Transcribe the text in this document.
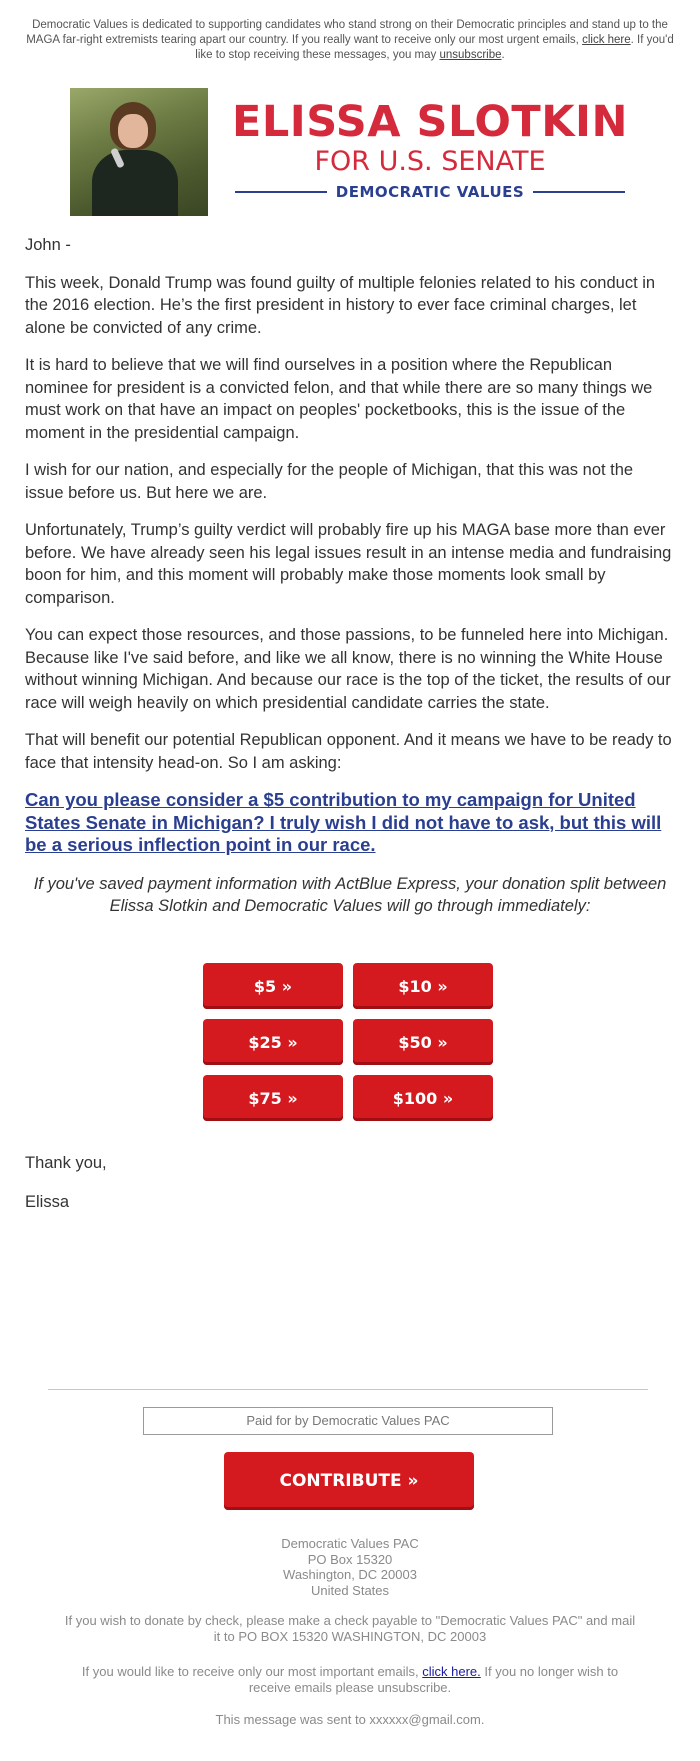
Democratic Values is dedicated to supporting candidates who stand strong on their Democratic principles and stand up to the MAGA far-right extremists tearing apart our country. If you really want to receive only our most urgent emails, click here. If you'd like to stop receiving these messages, you may unsubscribe.
ELISSA SLOTKIN
FOR U.S. SENATE
DEMOCRATIC VALUES

John -

This week, Donald Trump was found guilty of multiple felonies related to his conduct in the 2016 election. He’s the first president in history to ever face criminal charges, let alone be convicted of any crime.

It is hard to believe that we will find ourselves in a position where the Republican nominee for president is a convicted felon, and that while there are so many things we must work on that have an impact on peoples' pocketbooks, this is the issue of the moment in the presidential campaign.

I wish for our nation, and especially for the people of Michigan, that this was not the issue before us. But here we are.

Unfortunately, Trump’s guilty verdict will probably fire up his MAGA base more than ever before. We have already seen his legal issues result in an intense media and fundraising boon for him, and this moment will probably make those moments look small by comparison.

You can expect those resources, and those passions, to be funneled here into Michigan. Because like I've said before, and like we all know, there is no winning the White House without winning Michigan. And because our race is the top of the ticket, the results of our race will weigh heavily on which presidential candidate carries the state.

That will benefit our potential Republican opponent. And it means we have to be ready to face that intensity head-on. So I am asking:

Can you please consider a $5 contribution to my campaign for United States Senate in Michigan? I truly wish I did not have to ask, but this will be a serious inflection point in our race.

If you've saved payment information with ActBlue Express, your donation split between Elissa Slotkin and Democratic Values will go through immediately:

$5 »	$10 »
$25 »	$50 »
$75 »	$100 »

Thank you,

Elissa

Paid for by Democratic Values PAC
CONTRIBUTE »
Democratic Values PAC
PO Box 15320
Washington, DC 20003
United States
If you wish to donate by check, please make a check payable to "Democratic Values PAC" and mail it to PO BOX 15320 WASHINGTON, DC 20003
If you would like to receive only our most important emails, click here. If you no longer wish to receive emails please unsubscribe.
This message was sent to xxxxxx@gmail.com.
